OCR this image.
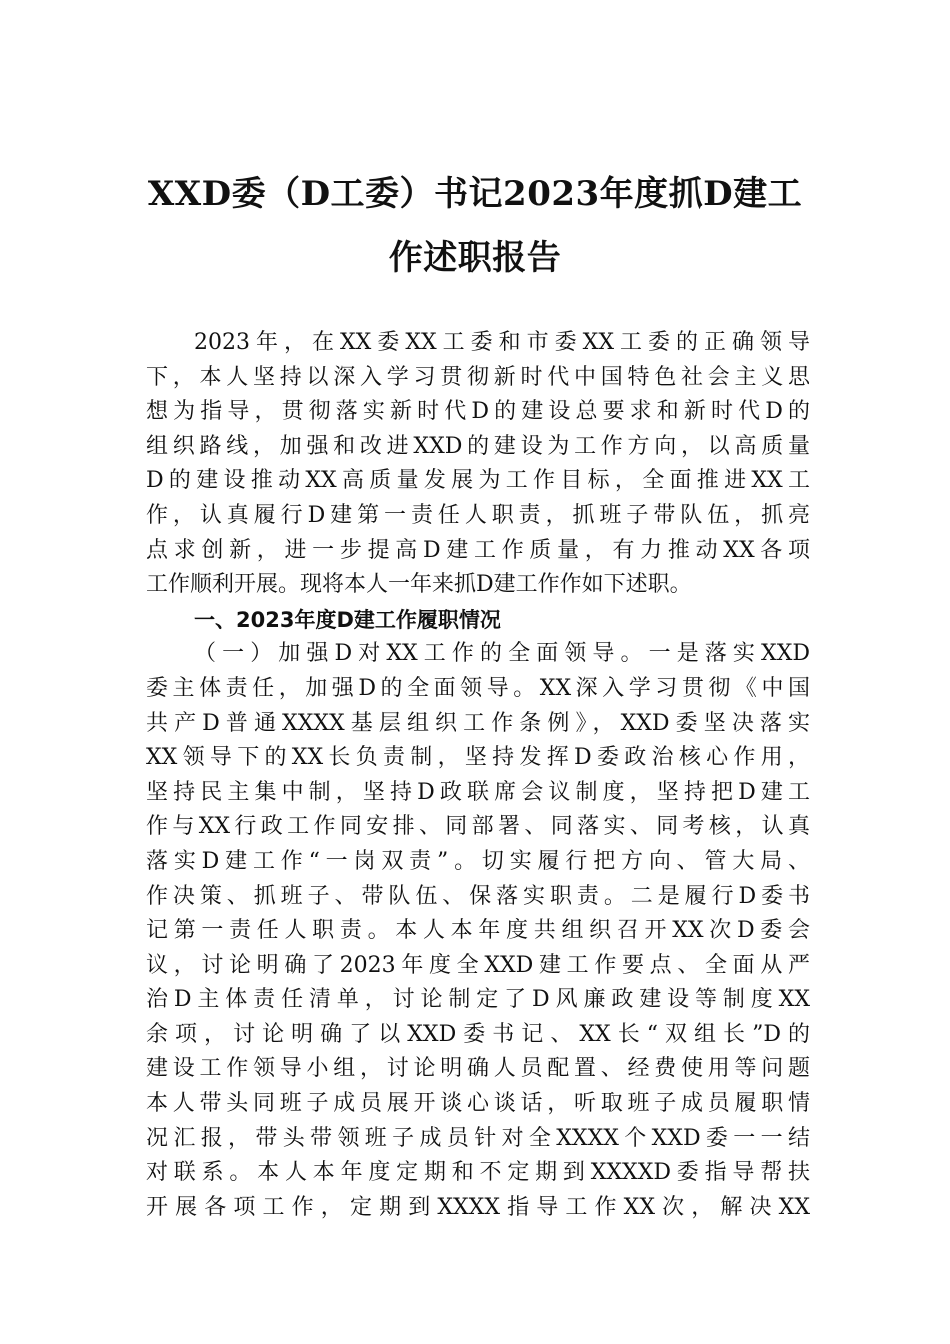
XXD委（D工委）书记2023年度抓D建工
作述职报告
2023年，在XX委XX工委和市委XX工委的正确领导
下，本人坚持以深入学习贯彻新时代中国特色社会主义思
想为指导，贯彻落实新时代D的建设总要求和新时代D的
组织路线，加强和改进XXD的建设为工作方向，以高质量
D的建设推动XX高质量发展为工作目标，全面推进XX工
作，认真履行D建第一责任人职责，抓班子带队伍，抓亮
点求创新，进一步提高D建工作质量，有力推动XX各项
工作顺利开展。现将本人一年来抓D建工作作如下述职。
一、2023年度D建工作履职情况
（一）加强D对XX工作的全面领导。一是落实XXD
委主体责任，加强D的全面领导。XX深入学习贯彻《中国
共产D普通XXXX基层组织工作条例》，XXD委坚决落实
XX领导下的XX长负责制，坚持发挥D委政治核心作用，
坚持民主集中制，坚持D政联席会议制度，坚持把D建工
作与XX行政工作同安排、同部署、同落实、同考核，认真
落实D建工作“一岗双责”。切实履行把方向、管大局、
作决策、抓班子、带队伍、保落实职责。二是履行D委书
记第一责任人职责。本人本年度共组织召开XX次D委会
议，讨论明确了2023年度全XXD建工作要点、全面从严
治D主体责任清单，讨论制定了D风廉政建设等制度XX
余项，讨论明确了以XXD委书记、XX长“双组长”D的
建设工作领导小组，讨论明确人员配置、经费使用等问题
本人带头同班子成员展开谈心谈话，听取班子成员履职情
况汇报，带头带领班子成员针对全XXXX个XXD委一一结
对联系。本人本年度定期和不定期到XXXXD委指导帮扶
开展各项工作，定期到XXXX指导工作XX次，解决XX
